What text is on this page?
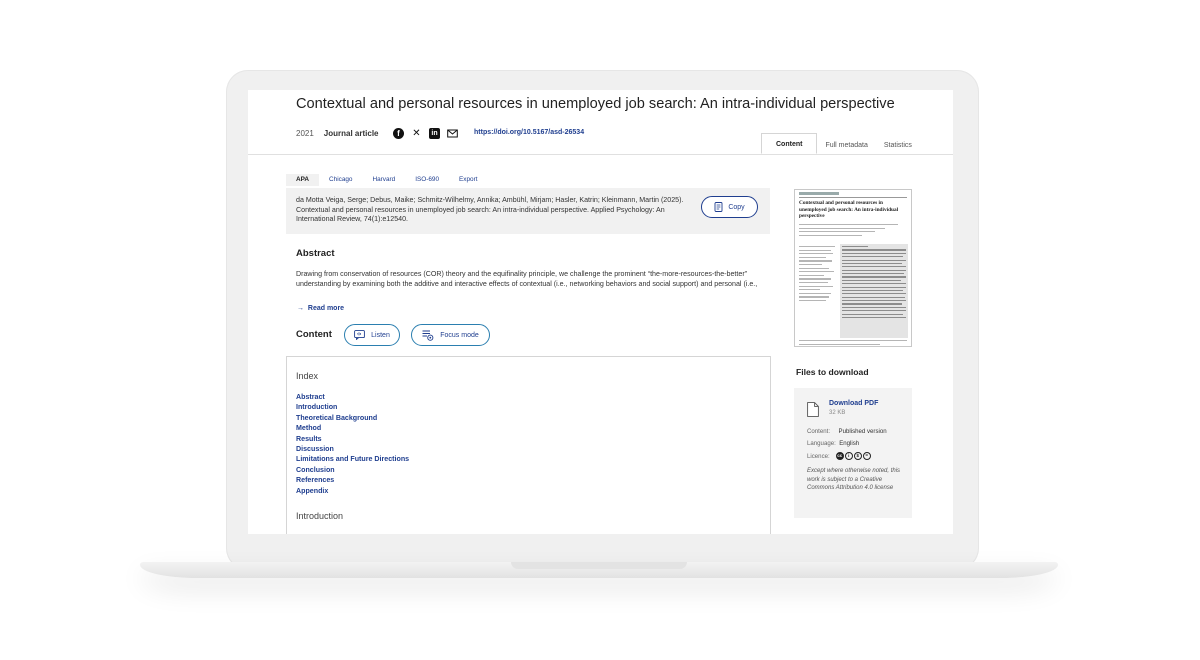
Contextual and personal resources in unemployed job search: An intra-individual perspective
2021 Journal article	f	✕	in	https://doi.org/10.5167/asd-26534
Content	Full metadata	Statistics
APA	Chicago	Harvard	ISO-690	Export
da Motta Veiga, Serge; Debus, Maike; Schmitz-Wilhelmy, Annika; Ambühl, Mirjam; Hasler, Katrin; Kleinmann, Martin (2025). Contextual and personal resources in unemployed job search: An intra-individual perspective. Applied Psychology: An International Review, 74(1):e12540.
Copy
Abstract
Drawing from conservation of resources (COR) theory and the equifinality principle, we challenge the prominent “the-more-resources-the-better” understanding by examining both the additive and interactive effects of contextual (i.e., networking behaviors and social support) and personal (i.e.,
→ Read more
Content	Listen	Focus mode
Index
Abstract
Introduction
Theoretical Background
Method
Results
Discussion
Limitations and Future Directions
Conclusion
References
Appendix
Introduction
Contextual and personal resources in unemployed job search: An intra-individual perspective
Files to download
Download PDF
32 KB
Content: Published version
Language: English
Licence:	cc	i	$	=
Except where otherwise noted, this work is subject to a Creative Commons Attribution 4.0 license
